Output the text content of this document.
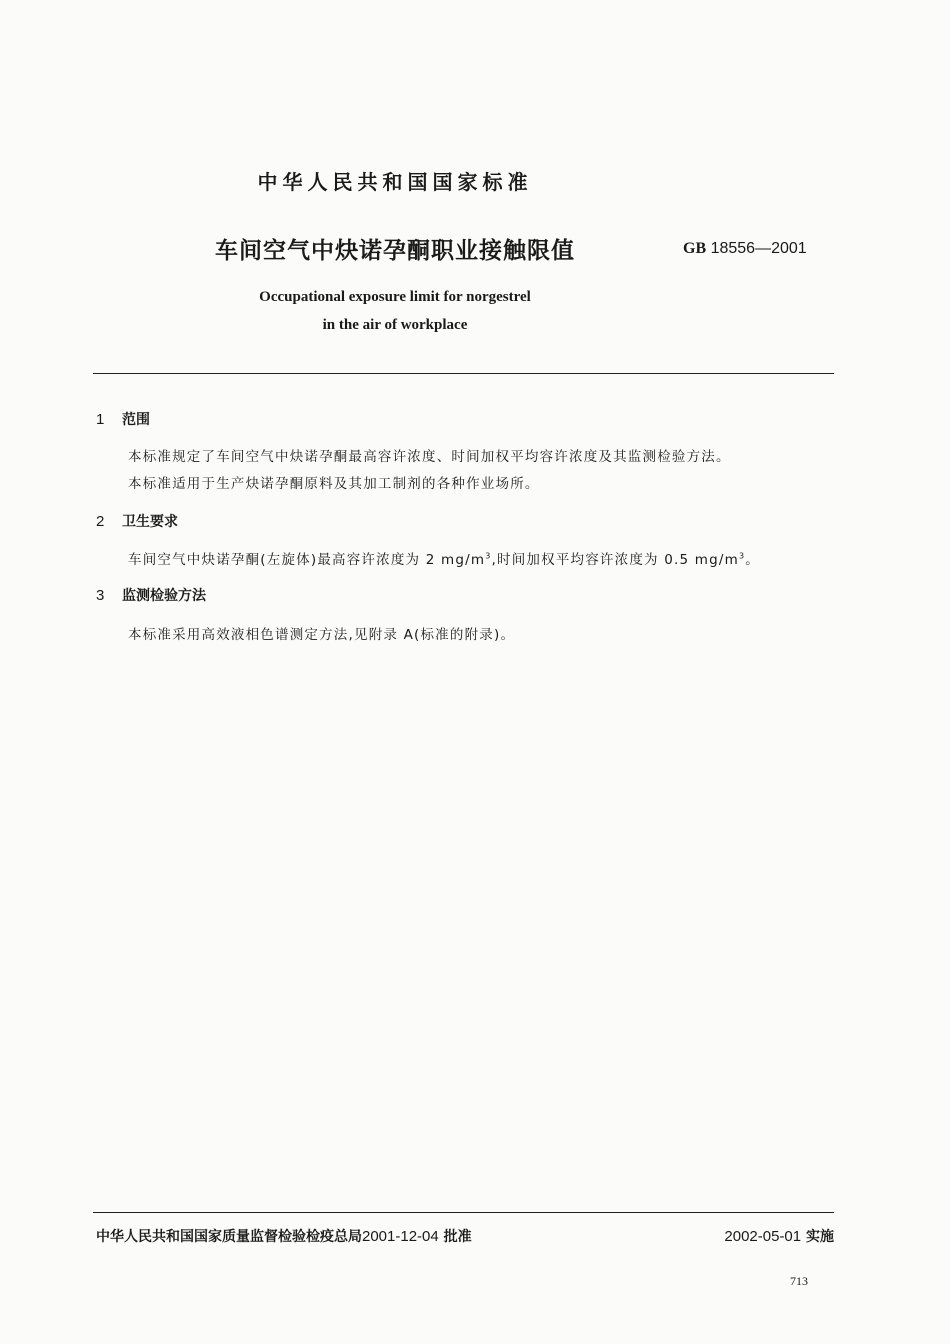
中华人民共和国国家标准
车间空气中炔诺孕酮职业接触限值	GB 18556—2001
Occupational exposure limit for norgestrel
in the air of workplace
1 范围
本标准规定了车间空气中炔诺孕酮最高容许浓度、时间加权平均容许浓度及其监测检验方法。
本标准适用于生产炔诺孕酮原料及其加工制剂的各种作业场所。
2 卫生要求
车间空气中炔诺孕酮(左旋体)最高容许浓度为 2 $mg/m^3$,时间加权平均容许浓度为 0.5 $mg/m^3$。
3 监测检验方法
本标准采用高效液相色谱测定方法,见附录 A(标准的附录)。
中华人民共和国国家质量监督检验检疫总局2001-12-04 批准	2002-05-01 实施
713
